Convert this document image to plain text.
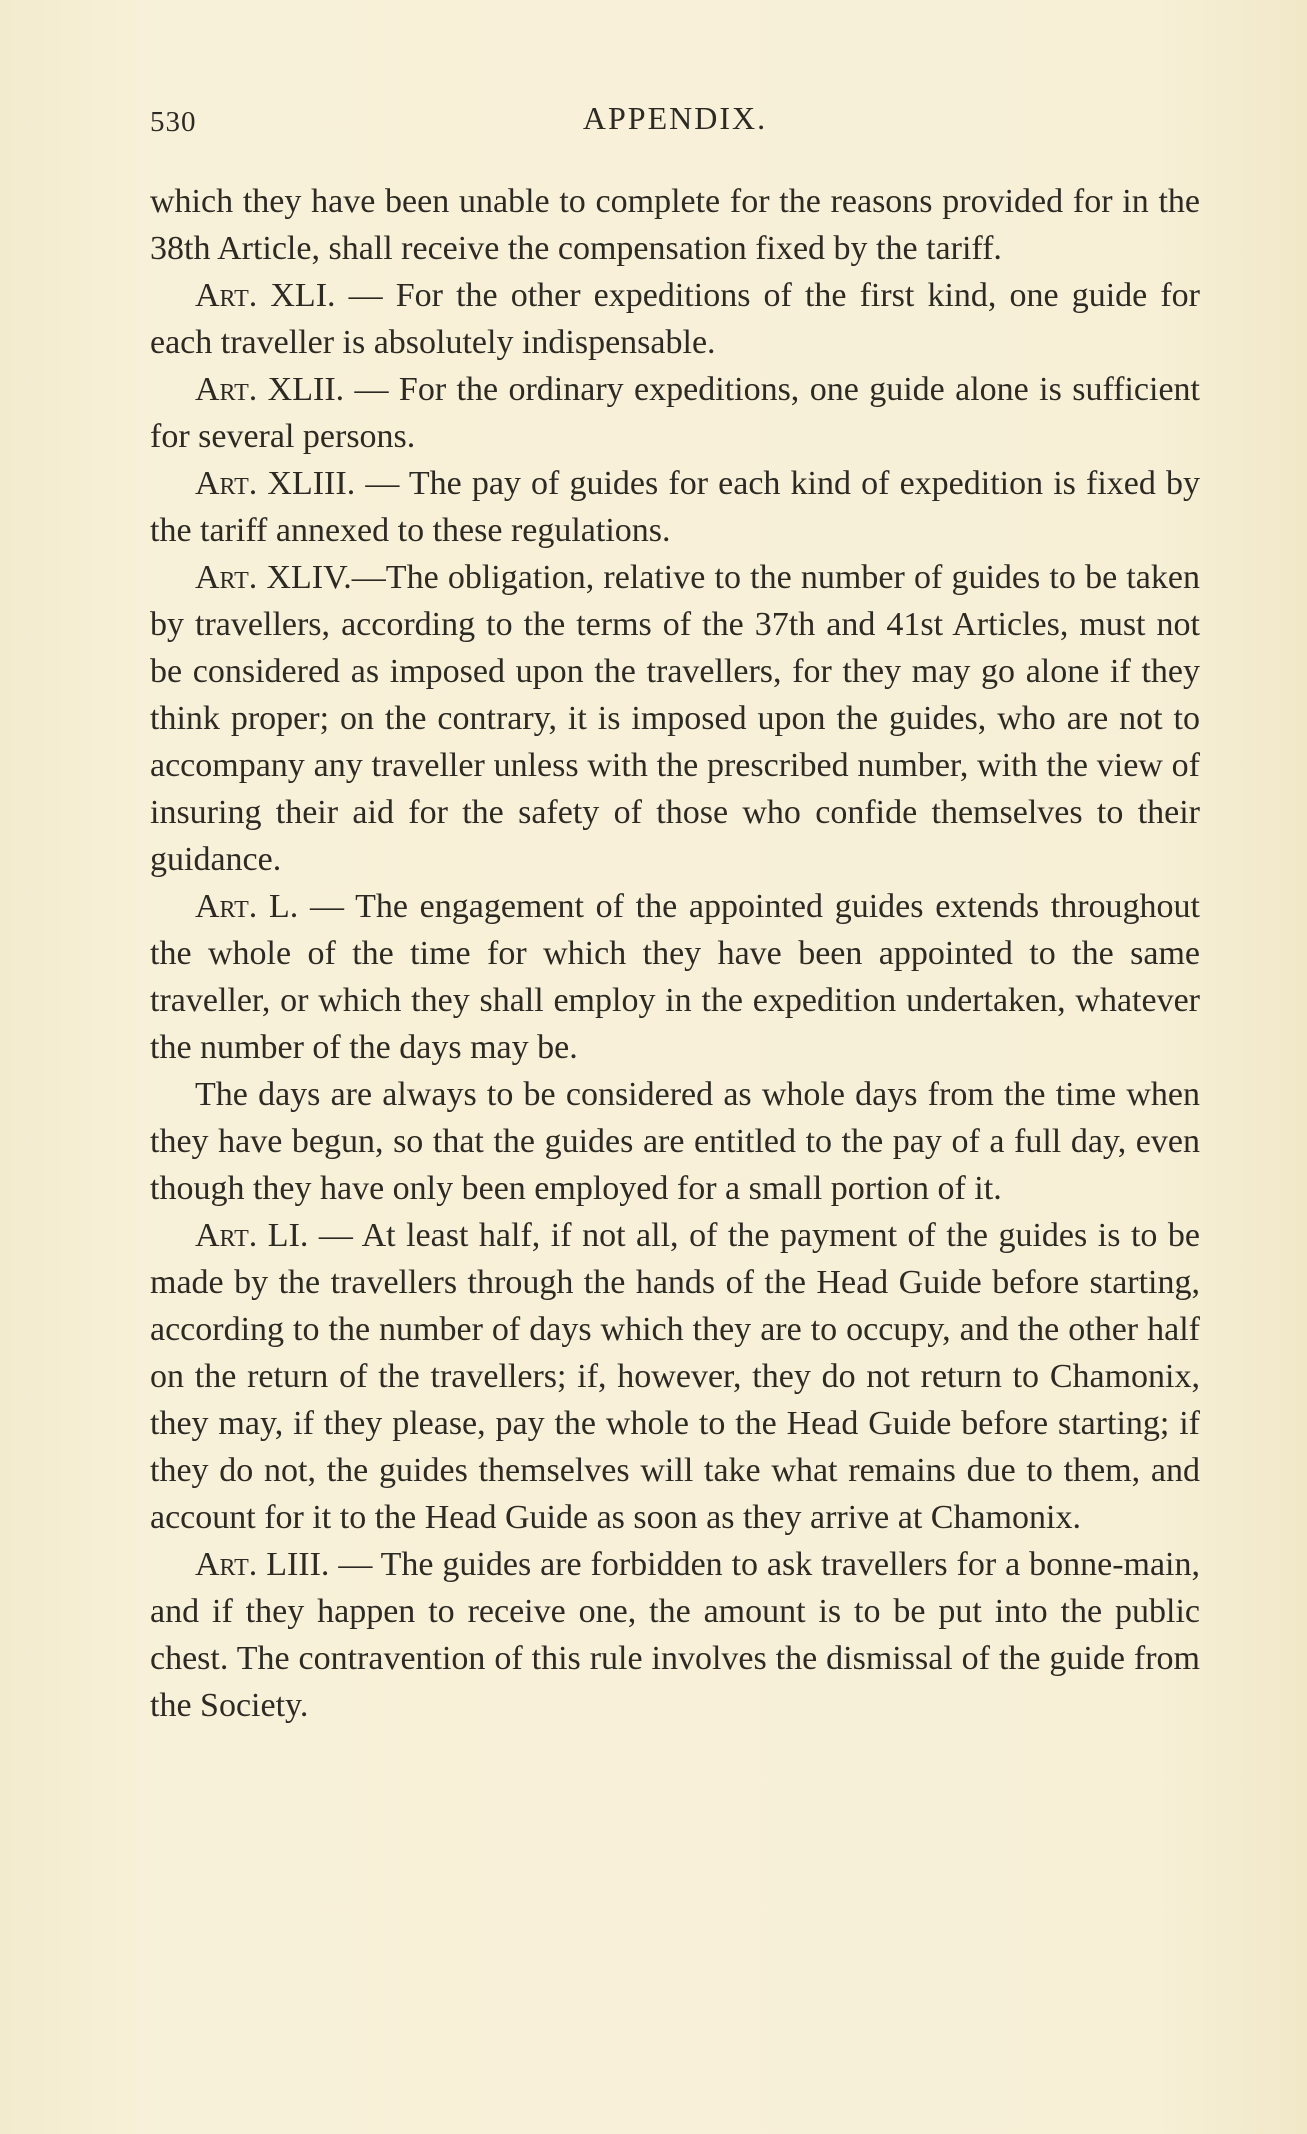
530	APPENDIX.

which they have been unable to complete for the reasons provided for in the 38th Article, shall receive the compensation fixed by the tariff.

Art. XLI. — For the other expeditions of the first kind, one guide for each traveller is absolutely indispensable.

Art. XLII. — For the ordinary expeditions, one guide alone is sufficient for several persons.

Art. XLIII. — The pay of guides for each kind of expedition is fixed by the tariff annexed to these regulations.

Art. XLIV.—The obligation, relative to the number of guides to be taken by travellers, according to the terms of the 37th and 41st Articles, must not be considered as imposed upon the travellers, for they may go alone if they think proper; on the contrary, it is imposed upon the guides, who are not to accompany any traveller unless with the prescribed number, with the view of insuring their aid for the safety of those who confide themselves to their guidance.

Art. L. — The engagement of the appointed guides extends throughout the whole of the time for which they have been appointed to the same traveller, or which they shall employ in the expedition undertaken, whatever the number of the days may be.

The days are always to be considered as whole days from the time when they have begun, so that the guides are entitled to the pay of a full day, even though they have only been employed for a small portion of it.

Art. LI. — At least half, if not all, of the payment of the guides is to be made by the travellers through the hands of the Head Guide before starting, according to the number of days which they are to occupy, and the other half on the return of the travellers; if, however, they do not return to Chamonix, they may, if they please, pay the whole to the Head Guide before starting; if they do not, the guides themselves will take what remains due to them, and account for it to the Head Guide as soon as they arrive at Chamonix.

Art. LIII. — The guides are forbidden to ask travellers for a bonne-main, and if they happen to receive one, the amount is to be put into the public chest. The contravention of this rule involves the dismissal of the guide from the Society.
